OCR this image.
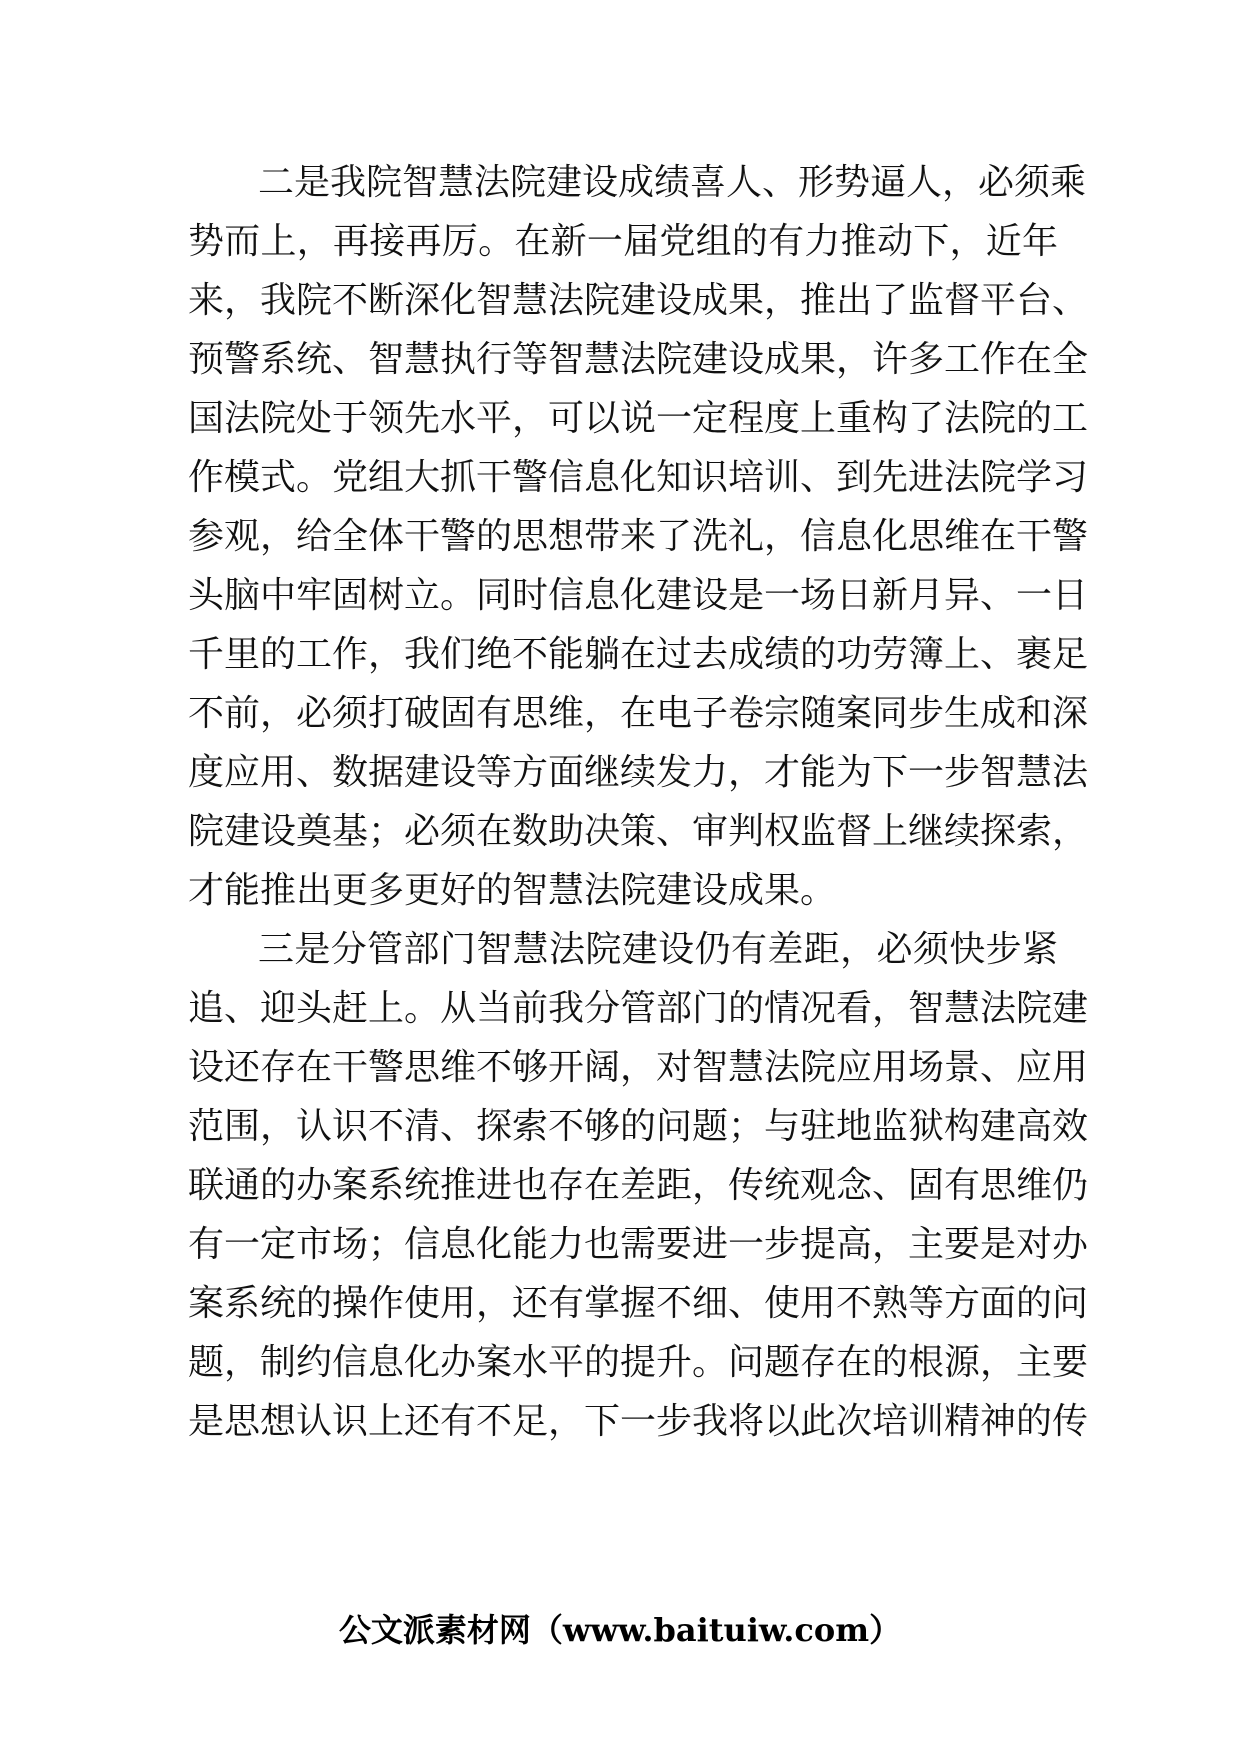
二是我院智慧法院建设成绩喜人、形势逼人，必须乘
势而上，再接再厉。在新一届党组的有力推动下，近年
来，我院不断深化智慧法院建设成果，推出了监督平台、
预警系统、智慧执行等智慧法院建设成果，许多工作在全
国法院处于领先水平，可以说一定程度上重构了法院的工
作模式。党组大抓干警信息化知识培训、到先进法院学习
参观，给全体干警的思想带来了洗礼，信息化思维在干警
头脑中牢固树立。同时信息化建设是一场日新月异、一日
千里的工作，我们绝不能躺在过去成绩的功劳簿上、裹足
不前，必须打破固有思维，在电子卷宗随案同步生成和深
度应用、数据建设等方面继续发力，才能为下一步智慧法
院建设奠基；必须在数助决策、审判权监督上继续探索，
才能推出更多更好的智慧法院建设成果。
三是分管部门智慧法院建设仍有差距，必须快步紧
追、迎头赶上。从当前我分管部门的情况看，智慧法院建
设还存在干警思维不够开阔，对智慧法院应用场景、应用
范围，认识不清、探索不够的问题；与驻地监狱构建高效
联通的办案系统推进也存在差距，传统观念、固有思维仍
有一定市场；信息化能力也需要进一步提高，主要是对办
案系统的操作使用，还有掌握不细、使用不熟等方面的问
题，制约信息化办案水平的提升。问题存在的根源，主要
是思想认识上还有不足，下一步我将以此次培训精神的传
公文派素材网（www.baituiw.com）
